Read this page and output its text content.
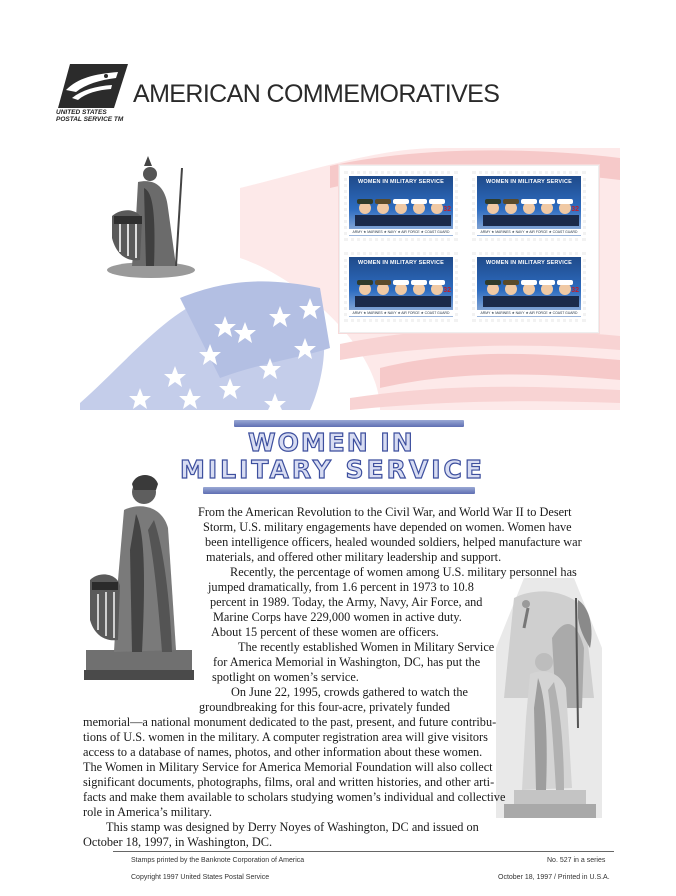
UNITED STATES
POSTAL SERVICE TM
AMERICAN COMMEMORATIVES
WOMEN IN MILITARY SERVICE
32
ARMY ★ MARINES ★ NAVY ★ AIR FORCE ★ COAST GUARD
WOMEN IN MILITARY SERVICE
32
ARMY ★ MARINES ★ NAVY ★ AIR FORCE ★ COAST GUARD
WOMEN IN MILITARY SERVICE
32
ARMY ★ MARINES ★ NAVY ★ AIR FORCE ★ COAST GUARD
WOMEN IN MILITARY SERVICE
32
ARMY ★ MARINES ★ NAVY ★ AIR FORCE ★ COAST GUARD
WOMEN IN
MILITARY SERVICE
From the American Revolution to the Civil War, and World War II to Desert
Storm, U.S. military engagements have depended on women. Women have
been intelligence officers, healed wounded soldiers, helped manufacture war
materials, and offered other military leadership and support.
Recently, the percentage of women among U.S. military personnel has
jumped dramatically, from 1.6 percent in 1973 to 10.8
percent in 1989. Today, the Army, Navy, Air Force, and
Marine Corps have 229,000 women in active duty.
About 15 percent of these women are officers.
The recently established Women in Military Service
for America Memorial in Washington, DC, has put the
spotlight on women’s service.
On June 22, 1995, crowds gathered to watch the
groundbreaking for this four-acre, privately funded
memorial—a national monument dedicated to the past, present, and future contribu-
tions of U.S. women in the military. A computer registration area will give visitors
access to a database of names, photos, and other information about these women.
The Women in Military Service for America Memorial Foundation will also collect
significant documents, photographs, films, oral and written histories, and other arti-
facts and make them available to scholars studying women’s individual and collective
role in America’s military.
This stamp was designed by Derry Noyes of Washington, DC and issued on
October 18, 1997, in Washington, DC.
Stamps printed by the Banknote Corporation of America
Copyright 1997 United States Postal Service
No. 527 in a series
October 18, 1997 / Printed in U.S.A.
